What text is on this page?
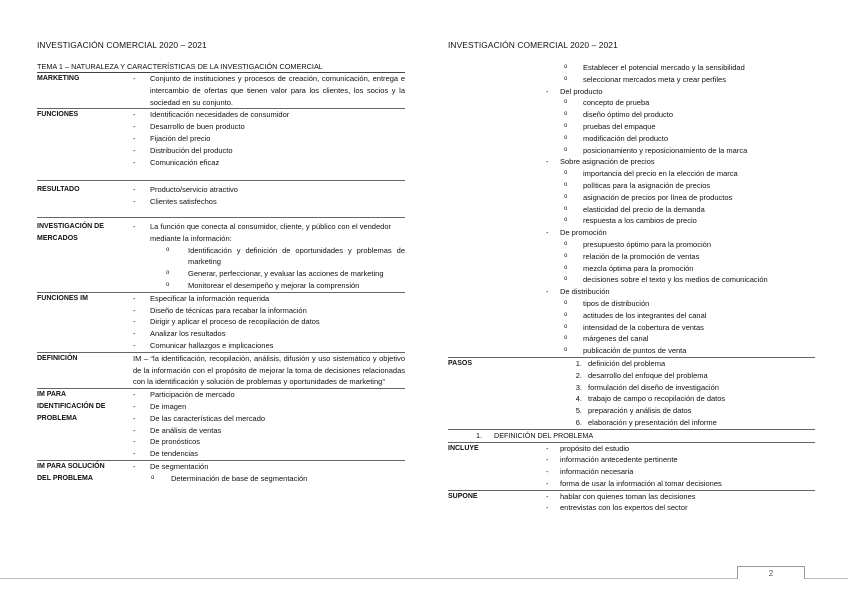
INVESTIGACIÓN COMERCIAL 2020 – 2021	INVESTIGACIÓN COMERCIAL 2020 – 2021
TEMA 1 – NATURALEZA Y CARACTERÍSTICAS DE LA INVESTIGACIÓN COMERCIAL
MARKETING	-	Conjunto de instituciones y procesos de creación, comunicación, entrega e intercambio de ofertas que tienen valor para los clientes, los socios y la sociedad en su conjunto.
FUNCIONES	-	Identificación necesidades de consumidor
-	Desarrollo de buen producto
-	Fijación del precio
-	Distribución del producto
-	Comunicación eficaz
RESULTADO	-	Producto/servicio atractivo
-	Clientes satisfechos
INVESTIGACIÓN DE
MERCADOS
-	La función que conecta al consumidor, cliente, y público con el vendedor mediante la información:
o	Identificación y definición de oportunidades y problemas de marketing
o	Generar, perfeccionar, y evaluar las acciones de marketing
o	Monitorear el desempeño y mejorar la comprensión
FUNCIONES IM	-	Especificar la información requerida
-	Diseño de técnicas para recabar la información
-	Dirigir y aplicar el proceso de recopilación de datos
-	Analizar los resultados
-	Comunicar hallazgos e implicaciones
DEFINICIÓN	IM – “la identificación, recopilación, análisis, difusión y uso sistemático y objetivo de la información con el propósito de mejorar la toma de decisiones relacionadas con la identificación y solución de problemas y oportunidades de marketing”
IM PARA
IDENTIFICACIÓN DE
PROBLEMA
-	Participación de mercado
-	De imagen
-	De las características del mercado
-	De análisis de ventas
-	De pronósticos
-	De tendencias
IM PARA SOLUCIÓN
DEL PROBLEMA
-	De segmentación
o	Determinación de base de segmentación
o	Establecer el potencial mercado y la sensibilidad
o	seleccionar mercados meta y crear perfiles
-	Del producto
o	concepto de prueba
o	diseño óptimo del producto
o	pruebas del empaque
o	modificación del producto
o	posicionamiento y reposicionamiento de la marca
-	Sobre asignación de precios
o	importancia del precio en la elección de marca
o	políticas para la asignación de precios
o	asignación de precios por línea de productos
o	elasticidad del precio de la demanda
o	respuesta a los cambios de precio
-	De promoción
o	presupuesto óptimo para la promoción
o	relación de la promoción de ventas
o	mezcla óptima para la promoción
o	decisiones sobre el texto y los medios de comunicación
-	De distribución
o	tipos de distribución
o	actitudes de los integrantes del canal
o	intensidad de la cobertura de ventas
o	márgenes del canal
o	publicación de puntos de venta
PASOS	1. definición del problema
2. desarrollo del enfoque del problema
3. formulación del diseño de investigación
4. trabajo de campo o recopilación de datos
5. preparación y análisis de datos
6. elaboración y presentación del informe
1.	DEFINICIÓN DEL PROBLEMA
INCLUYE	-	propósito del estudio
-	información antecedente pertinente
-	información necesaria
-	forma de usar la información al tomar decisiones
SUPONE	-	hablar con quienes toman las decisiones
-	entrevistas con los expertos del sector
2
